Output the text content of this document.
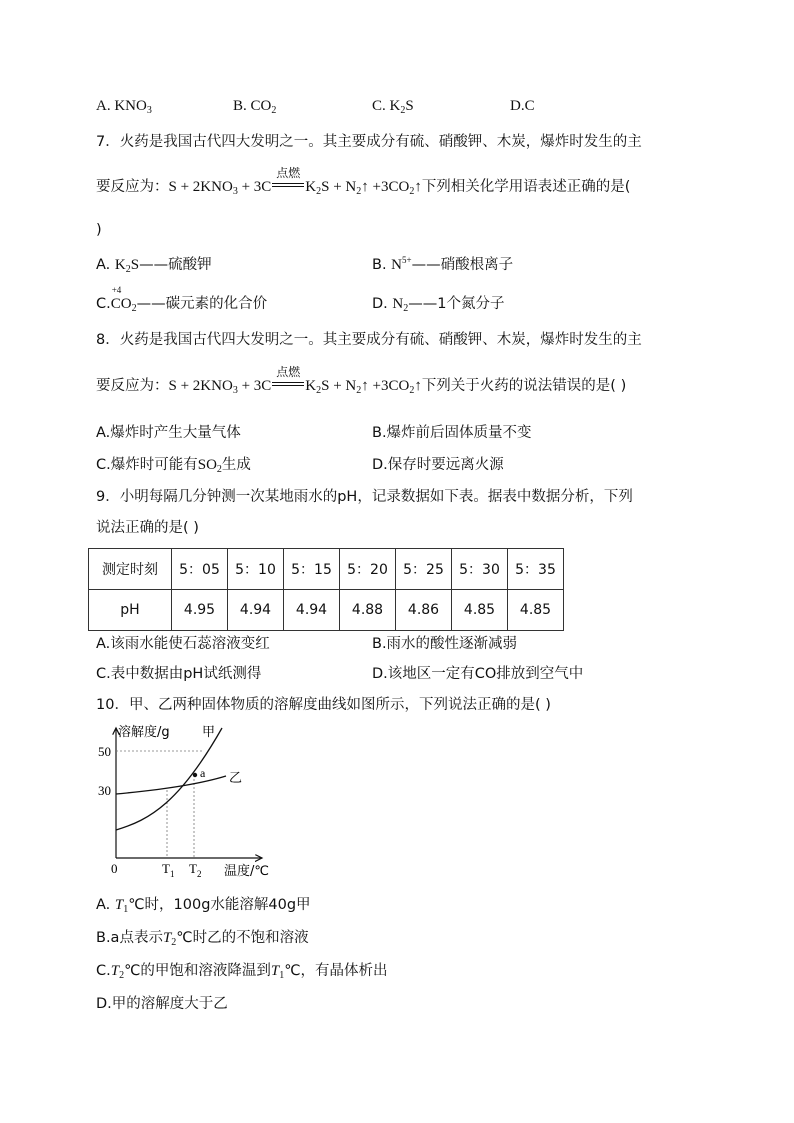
A. $KNO_3$	B. $CO_2$	C. $K_2S$	D.C
7．火药是我国古代四大发明之一。其主要成分有硫、硝酸钾、木炭，爆炸时发生的主
要反应为：$S + 2KNO_3 + 3C$
点燃
$K_2S$ + $N_2↑$ $+3CO_2↑$下列相关化学用语表述正确的是(
)
A. $K_2S——$硫酸钾	B. $N^{5+}——$硝酸根离子
C.
+4
$CO_2——$碳元素的化合价	D. $N_2——1$个氮分子
8．火药是我国古代四大发明之一。其主要成分有硫、硝酸钾、木炭，爆炸时发生的主
要反应为：$S + 2KNO_3 + 3C$
点燃
$K_2S$ + $N_2↑$ $+3CO_2↑$下列关于火药的说法错误的是( )
A.爆炸时产生大量气体	B.爆炸前后固体质量不变
C.爆炸时可能有$SO_2$生成	D.保存时要远离火源
9．小明每隔几分钟测一次某地雨水的pH，记录数据如下表。据表中数据分析，下列
说法正确的是( )
测定时刻	5：05	5：10	5：15	5：20	5：25	5：30	5：35
pH	4.95	4.94	4.94	4.88	4.86	4.85	4.85
A.该雨水能使石蕊溶液变红	B.雨水的酸性逐渐减弱
C.表中数据由pH试纸测得	D.该地区一定有CO排放到空气中
10．甲、乙两种固体物质的溶解度曲线如图所示，下列说法正确的是( )
溶解度/g 甲
乙
a
50
30
0	$T_1$ $T_2$ 温度/℃
A. $T_1℃$时，100g水能溶解40g甲
B.a点表示$T_2℃$时乙的不饱和溶液
$C.T_2℃$的甲饱和溶液降温到$T_1℃$，有晶体析出
D.甲的溶解度大于乙
